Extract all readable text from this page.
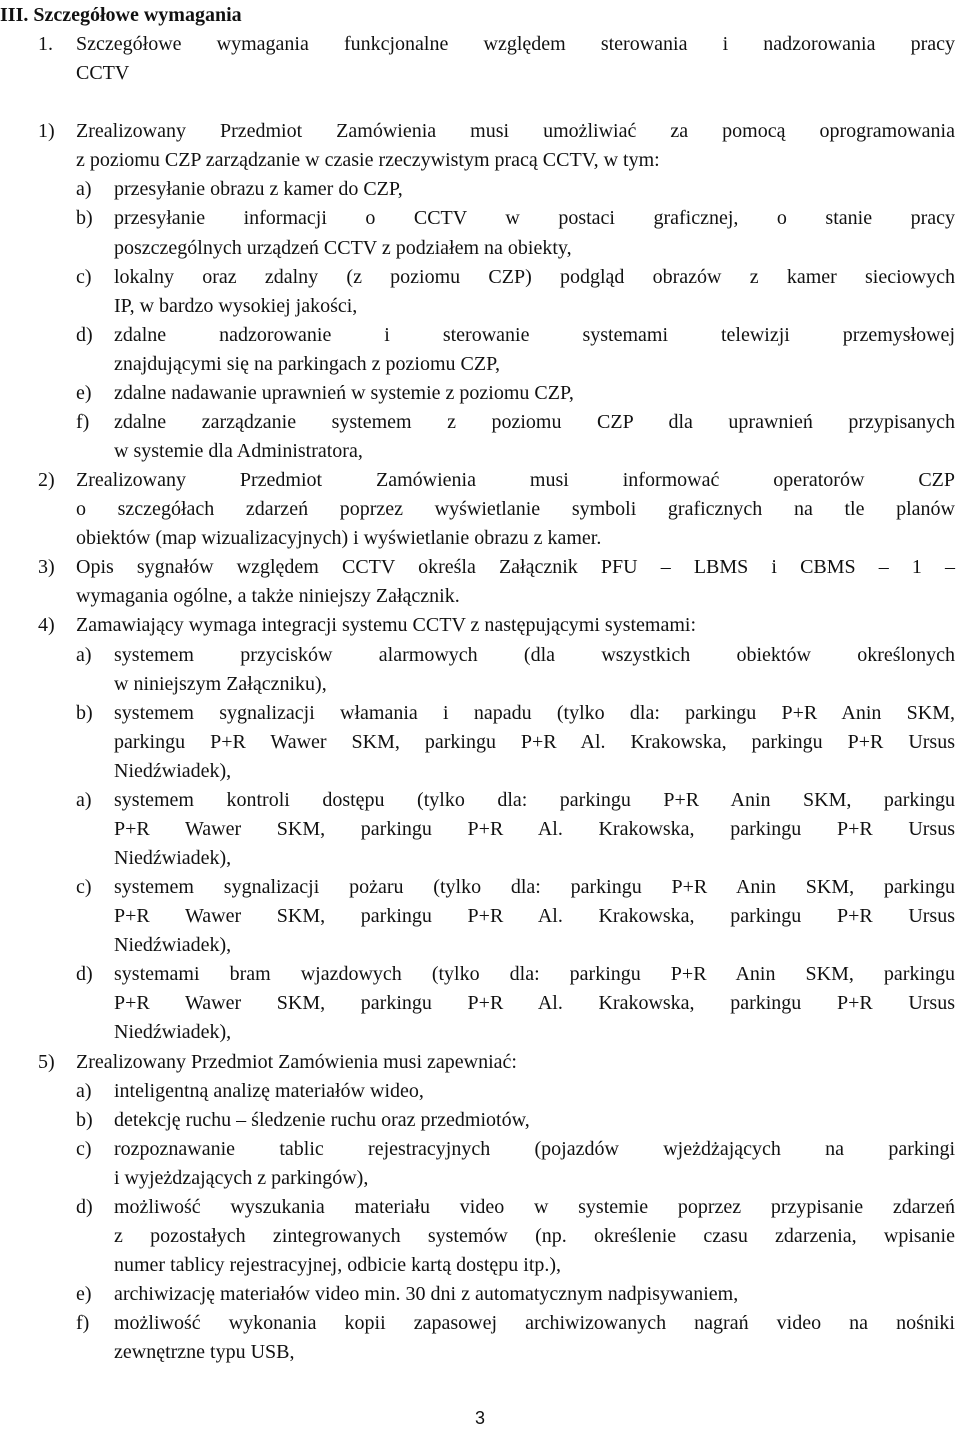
3
III. Szczegółowe wymagania
1. Szczegółowe wymagania funkcjonalne względem sterowania i nadzorowania pracy
CCTV
1) Zrealizowany Przedmiot Zamówienia musi umożliwiać za pomocą oprogramowania
z poziomu CZP zarządzanie w czasie rzeczywistym pracą CCTV, w tym:
a) przesyłanie obrazu z kamer do CZP,
b) przesyłanie informacji o CCTV w postaci graficznej, o stanie pracy
poszczególnych urządzeń CCTV z podziałem na obiekty,
c) lokalny oraz zdalny (z poziomu CZP) podgląd obrazów z kamer sieciowych
IP, w bardzo wysokiej jakości,
d) zdalne nadzorowanie i sterowanie systemami telewizji przemysłowej
znajdującymi się na parkingach z poziomu CZP,
e) zdalne nadawanie uprawnień w systemie z poziomu CZP,
f) zdalne zarządzanie systemem z poziomu CZP dla uprawnień przypisanych
w systemie dla Administratora,
2) Zrealizowany Przedmiot Zamówienia musi informować operatorów CZP
o szczegółach zdarzeń poprzez wyświetlanie symboli graficznych na tle planów
obiektów (map wizualizacyjnych) i wyświetlanie obrazu z kamer.
3) Opis sygnałów względem CCTV określa Załącznik PFU – LBMS i CBMS – 1 –
wymagania ogólne, a także niniejszy Załącznik.
4) Zamawiający wymaga integracji systemu CCTV z następującymi systemami:
a) systemem przycisków alarmowych (dla wszystkich obiektów określonych
w niniejszym Załączniku),
b) systemem sygnalizacji włamania i napadu (tylko dla: parkingu P+R Anin SKM,
parkingu P+R Wawer SKM, parkingu P+R Al. Krakowska, parkingu P+R Ursus
Niedźwiadek),
a) systemem kontroli dostępu (tylko dla: parkingu P+R Anin SKM, parkingu
P+R Wawer SKM, parkingu P+R Al. Krakowska, parkingu P+R Ursus
Niedźwiadek),
c) systemem sygnalizacji pożaru (tylko dla: parkingu P+R Anin SKM, parkingu
P+R Wawer SKM, parkingu P+R Al. Krakowska, parkingu P+R Ursus
Niedźwiadek),
d) systemami bram wjazdowych (tylko dla: parkingu P+R Anin SKM, parkingu
P+R Wawer SKM, parkingu P+R Al. Krakowska, parkingu P+R Ursus
Niedźwiadek),
5) Zrealizowany Przedmiot Zamówienia musi zapewniać:
a) inteligentną analizę materiałów wideo,
b) detekcję ruchu – śledzenie ruchu oraz przedmiotów,
c) rozpoznawanie tablic rejestracyjnych (pojazdów wjeżdżających na parkingi
i wyjeżdzających z parkingów),
d) możliwość wyszukania materiału video w systemie poprzez przypisanie zdarzeń
z pozostałych zintegrowanych systemów (np. określenie czasu zdarzenia, wpisanie
numer tablicy rejestracyjnej, odbicie kartą dostępu itp.),
e) archiwizację materiałów video min. 30 dni z automatycznym nadpisywaniem,
f) możliwość wykonania kopii zapasowej archiwizowanych nagrań video na nośniki
zewnętrzne typu USB,
